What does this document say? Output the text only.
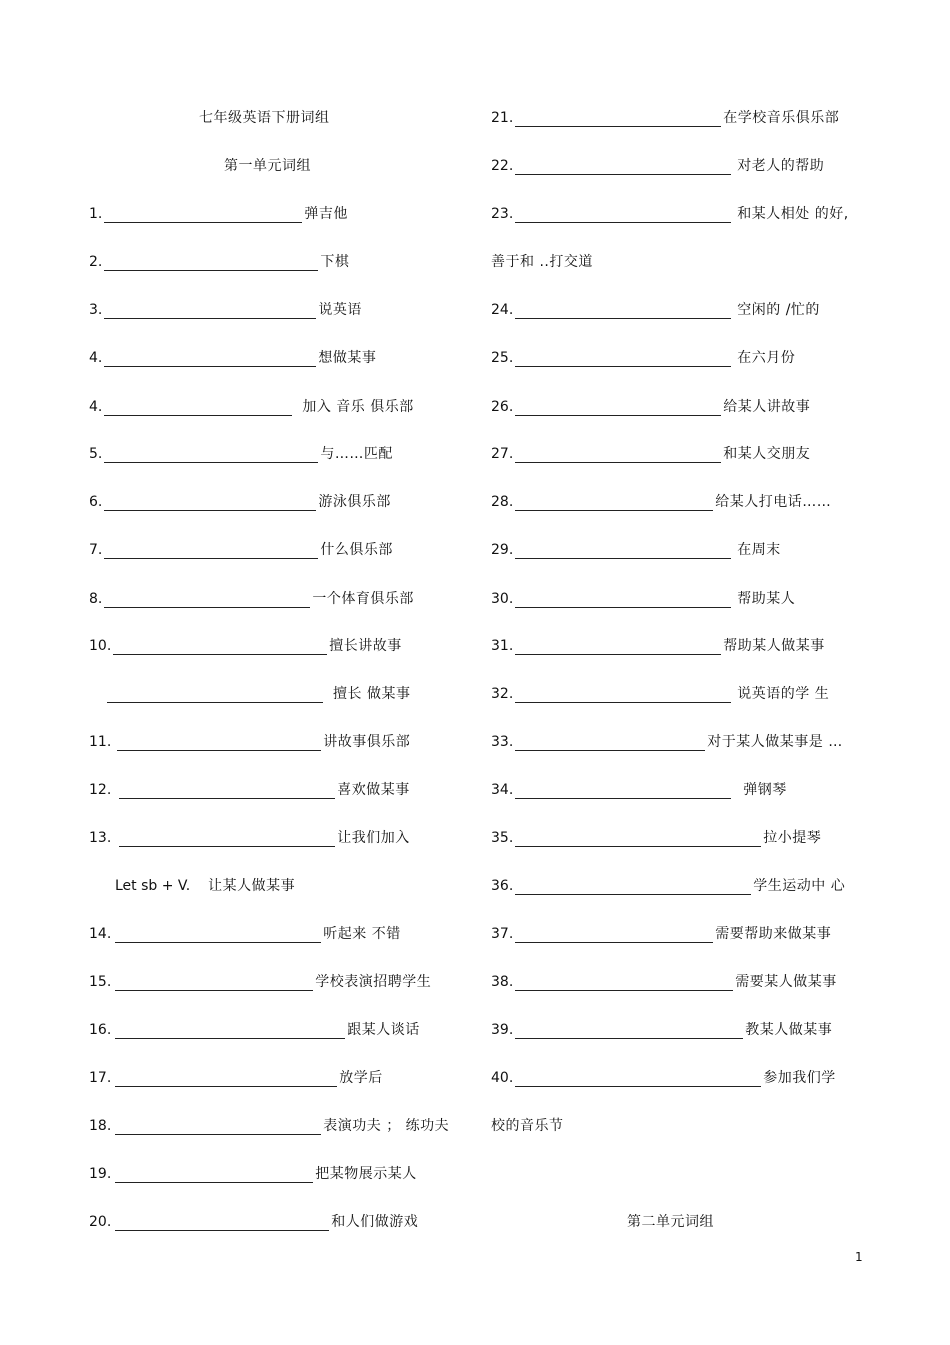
七年级英语下册词组
第一单元词组
1.	弹吉他
2.	下棋
3.	说英语
4.	想做某事
4.	加入 音乐 俱乐部
5.	与……匹配
6.	游泳俱乐部
7.	什么俱乐部
8.	一个体育俱乐部
10.	擅长讲故事
擅长 做某事
11.	讲故事俱乐部
12.	喜欢做某事
13.	让我们加入
Let sb + V. 让某人做某事
14.	听起来 不错
15.	学校表演招聘学生
16.	跟某人谈话
17.	放学后
18.	表演功夫 ； 练功夫
19.	把某物展示某人
20.	和人们做游戏
21.	在学校音乐俱乐部
22.	对老人的帮助
23.	和某人相处 的好,
善于和 ..打交道
24.	空闲的 /忙的
25.	在六月份
26.	给某人讲故事
27.	和某人交朋友
28.	给某人打电话……
29.	在周末
30.	帮助某人
31.	帮助某人做某事
32.	说英语的学 生
33.	对于某人做某事是 …
34.	弹钢琴
35.	拉小提琴
36.	学生运动中 心
37.	需要帮助来做某事
38.	需要某人做某事
39.	教某人做某事
40.	参加我们学
校的音乐节
第二单元词组
1
